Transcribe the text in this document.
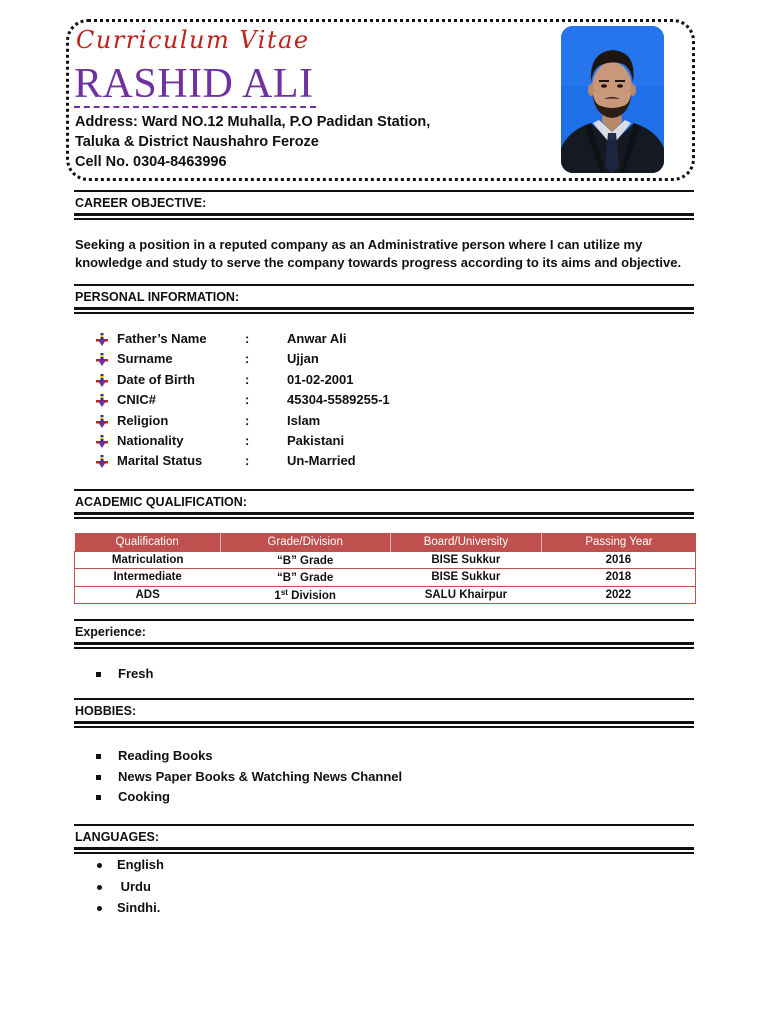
Curriculum Vitae
RASHID ALI
Address: Ward NO.12 Muhalla, P.O Padidan Station,
Taluka & District Naushahro Feroze
Cell No. 0304-8463996
CAREER OBJECTIVE:
Seeking a position in a reputed company as an Administrative person where I can utilize my knowledge and study to serve the company towards progress according to its aims and objective.
PERSONAL INFORMATION:
Father’s Name	:	Anwar Ali
Surname	:	Ujjan
Date of Birth	:	01-02-2001
CNIC#	:	45304-5589255-1
Religion	:	Islam
Nationality	:	Pakistani
Marital Status	:	Un-Married
ACADEMIC QUALIFICATION:
Qualification	Grade/Division	Board/University	Passing Year
Matriculation	“B” Grade	BISE Sukkur	2016
Intermediate	“B” Grade	BISE Sukkur	2018
ADS	1st Division	SALU Khairpur	2022
Experience:
Fresh
HOBBIES:
Reading Books
News Paper Books & Watching News Channel
Cooking
LANGUAGES:
English
Urdu
Sindhi.
